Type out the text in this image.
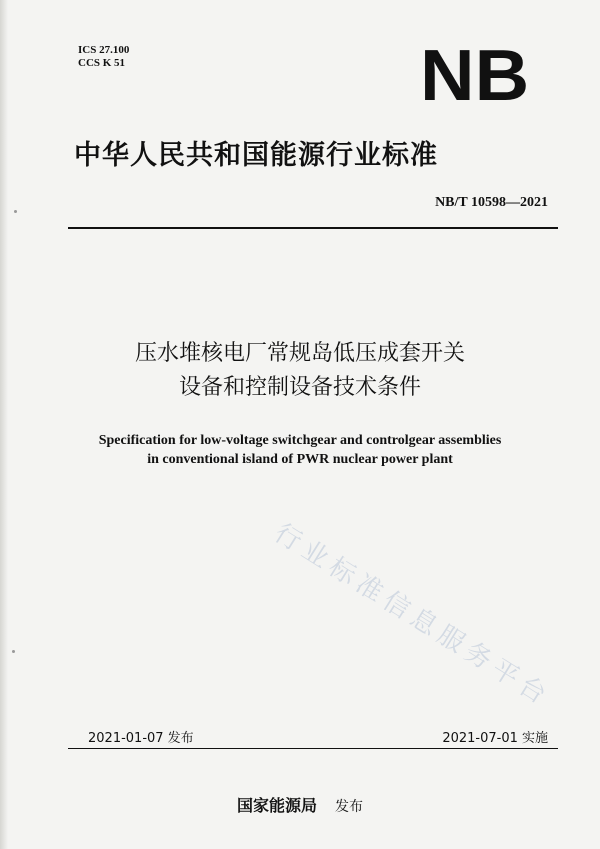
ICS 27.100
CCS K 51	NB
中华人民共和国能源行业标准
NB/T 10598—2021
压水堆核电厂常规岛低压成套开关
设备和控制设备技术条件
Specification for low-voltage switchgear and controlgear assemblies
in conventional island of PWR nuclear power plant
行业标准信息服务平台
2021-01-07 发布	2021-07-01 实施
国家能源局 发布
